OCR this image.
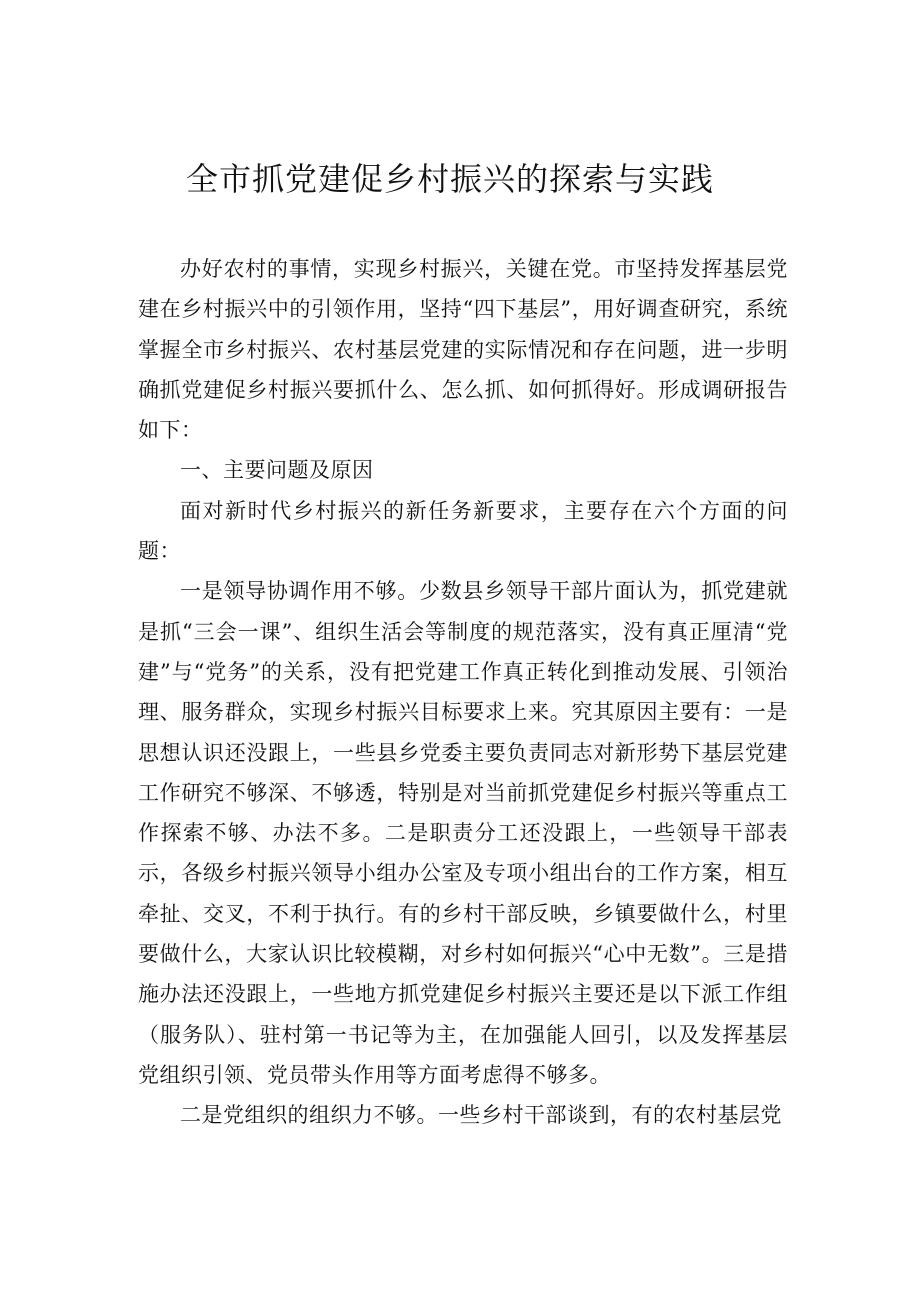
全市抓党建促乡村振兴的探索与实践

办好农村的事情，实现乡村振兴，关键在党。市坚持发挥基层党建在乡村振兴中的引领作用，坚持“四下基层”，用好调查研究，系统掌握全市乡村振兴、农村基层党建的实际情况和存在问题，进一步明确抓党建促乡村振兴要抓什么、怎么抓、如何抓得好。形成调研报告如下：

一、主要问题及原因

面对新时代乡村振兴的新任务新要求，主要存在六个方面的问题：

一是领导协调作用不够。少数县乡领导干部片面认为，抓党建就是抓“三会一课”、组织生活会等制度的规范落实，没有真正厘清“党建”与“党务”的关系，没有把党建工作真正转化到推动发展、引领治理、服务群众，实现乡村振兴目标要求上来。究其原因主要有：一是思想认识还没跟上，一些县乡党委主要负责同志对新形势下基层党建工作研究不够深、不够透，特别是对当前抓党建促乡村振兴等重点工作探索不够、办法不多。二是职责分工还没跟上，一些领导干部表示，各级乡村振兴领导小组办公室及专项小组出台的工作方案，相互牵扯、交叉，不利于执行。有的乡村干部反映，乡镇要做什么，村里要做什么，大家认识比较模糊，对乡村如何振兴“心中无数”。三是措施办法还没跟上，一些地方抓党建促乡村振兴主要还是以下派工作组（服务队）、驻村第一书记等为主，在加强能人回引，以及发挥基层党组织引领、党员带头作用等方面考虑得不够多。

二是党组织的组织力不够。一些乡村干部谈到，有的农村基层党
